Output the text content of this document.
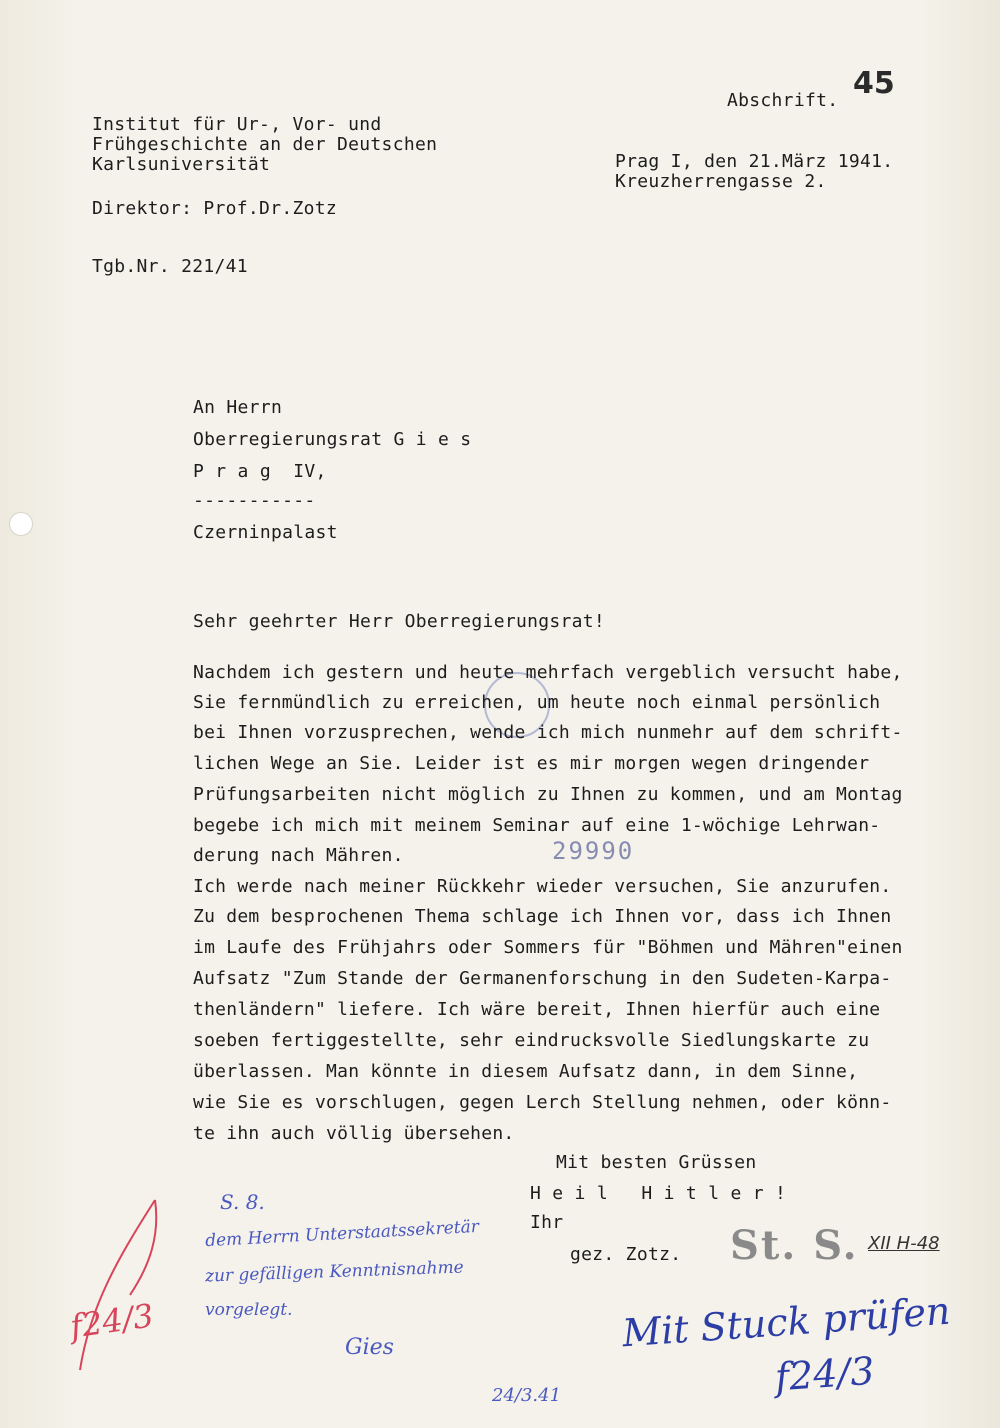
45
Abschrift.
Institut für Ur-, Vor- und
Frühgeschichte an der Deutschen
Karlsuniversität
Direktor: Prof.Dr.Zotz
Tgb.Nr. 221/41
Prag I, den 21.März 1941.
Kreuzherrengasse 2.
An Herrn
Oberregierungsrat G i e s
P r a g  IV,
-----------
Czerninpalast
Sehr geehrter Herr Oberregierungsrat!
Nachdem ich gestern und heute mehrfach vergeblich versucht habe,
Sie fernmündlich zu erreichen, um heute noch einmal persönlich
bei Ihnen vorzusprechen, wende ich mich nunmehr auf dem schrift-
lichen Wege an Sie. Leider ist es mir morgen wegen dringender
Prüfungsarbeiten nicht möglich zu Ihnen zu kommen, und am Montag
begebe ich mich mit meinem Seminar auf eine 1-wöchige Lehrwan-
derung nach Mähren.
Ich werde nach meiner Rückkehr wieder versuchen, Sie anzurufen.
Zu dem besprochenen Thema schlage ich Ihnen vor, dass ich Ihnen
im Laufe des Frühjahrs oder Sommers für "Böhmen und Mähren"einen
Aufsatz "Zum Stande der Germanenforschung in den Sudeten-Karpa-
thenländern" liefere. Ich wäre bereit, Ihnen hierfür auch eine
soeben fertiggestellte, sehr eindrucksvolle Siedlungskarte zu
überlassen. Man könnte in diesem Aufsatz dann, in dem Sinne,
wie Sie es vorschlugen, gegen Lerch Stellung nehmen, oder könn-
te ihn auch völlig übersehen.
29990
Mit besten Grüssen
H e i l   H i t l e r !
Ihr
gez. Zotz. St. S. XII H-48
f24/3
S. 8.
dem Herrn Unterstaatssekretär
zur gefälligen Kenntnisnahme
vorgelegt.
Gies
24/3.41
Mit Stuck prüfen
f24/3
